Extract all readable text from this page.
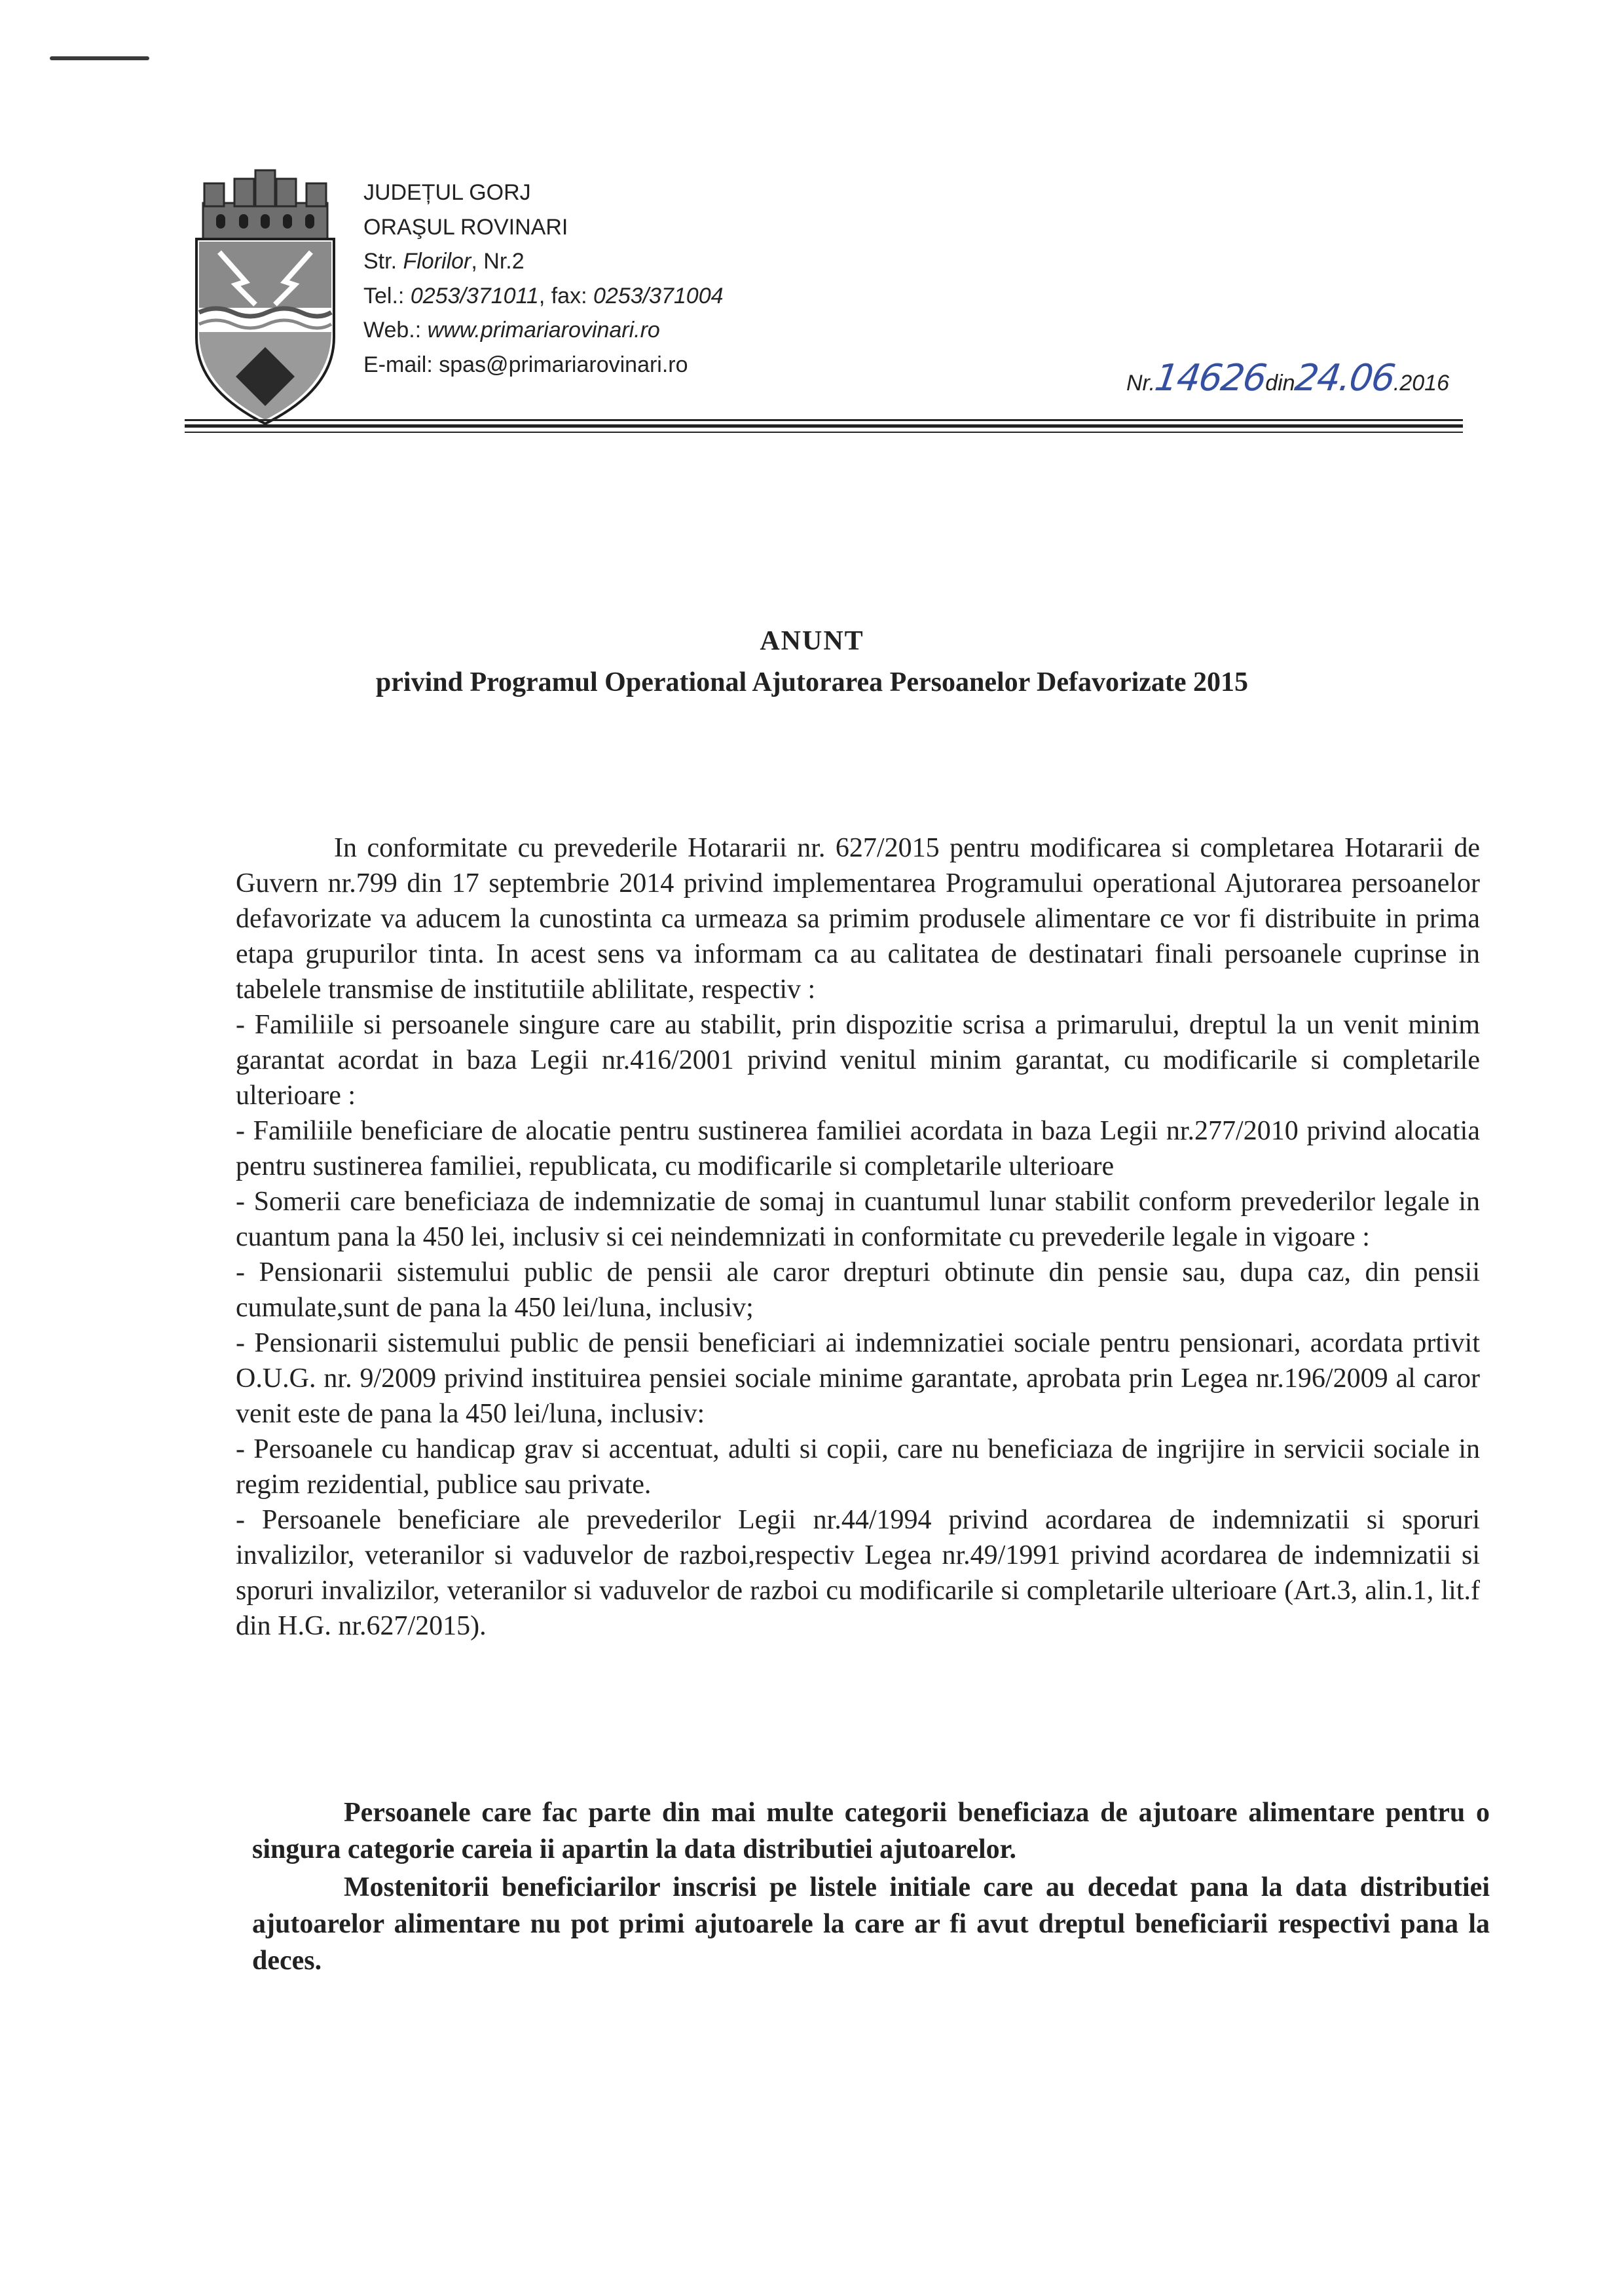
JUDEȚUL GORJ
ORAŞUL ROVINARI
Str. Florilor, Nr.2
Tel.: 0253/371011, fax: 0253/371004
Web.: www.primariarovinari.ro
E-mail: spas@primariarovinari.ro
Nr.14626din24.06.2016
ANUNT
privind Programul Operational Ajutorarea Persoanelor Defavorizate 2015

In conformitate cu prevederile Hotararii nr. 627/2015 pentru modificarea si completarea Hotararii de Guvern nr.799 din 17 septembrie 2014 privind implementarea Programului operational Ajutorarea persoanelor defavorizate va aducem la cunostinta ca urmeaza sa primim produsele alimentare ce vor fi distribuite in prima etapa grupurilor tinta. In acest sens va informam ca au calitatea de destinatari finali persoanele cuprinse in tabelele transmise de institutiile ablilitate, respectiv :

- Familiile si persoanele singure care au stabilit, prin dispozitie scrisa a primarului, dreptul la un venit minim garantat acordat in baza Legii nr.416/2001 privind venitul minim garantat, cu modificarile si completarile ulterioare :

- Familiile beneficiare de alocatie pentru sustinerea familiei acordata in baza Legii nr.277/2010 privind alocatia pentru sustinerea familiei, republicata, cu modificarile si completarile ulterioare

- Somerii care beneficiaza de indemnizatie de somaj in cuantumul lunar stabilit conform prevederilor legale in cuantum pana la 450 lei, inclusiv si cei neindemnizati in conformitate cu prevederile legale in vigoare :

- Pensionarii sistemului public de pensii ale caror drepturi obtinute din pensie sau, dupa caz, din pensii cumulate,sunt de pana la 450 lei/luna, inclusiv;

- Pensionarii sistemului public de pensii beneficiari ai indemnizatiei sociale pentru pensionari, acordata prtivit O.U.G. nr. 9/2009 privind instituirea pensiei sociale minime garantate, aprobata prin Legea nr.196/2009 al caror venit este de pana la 450 lei/luna, inclusiv:

- Persoanele cu handicap grav si accentuat, adulti si copii, care nu beneficiaza de ingrijire in servicii sociale in regim rezidential, publice sau private.

- Persoanele beneficiare ale prevederilor Legii nr.44/1994 privind acordarea de indemnizatii si sporuri invalizilor, veteranilor si vaduvelor de razboi,respectiv Legea nr.49/1991 privind acordarea de indemnizatii si sporuri invalizilor, veteranilor si vaduvelor de razboi cu modificarile si completarile ulterioare (Art.3, alin.1, lit.f din H.G. nr.627/2015).

Persoanele care fac parte din mai multe categorii beneficiaza de ajutoare alimentare pentru o singura categorie careia ii apartin la data distributiei ajutoarelor.

Mostenitorii beneficiarilor inscrisi pe listele initiale care au decedat pana la data distributiei ajutoarelor alimentare nu pot primi ajutoarele la care ar fi avut dreptul beneficiarii respectivi pana la deces.
